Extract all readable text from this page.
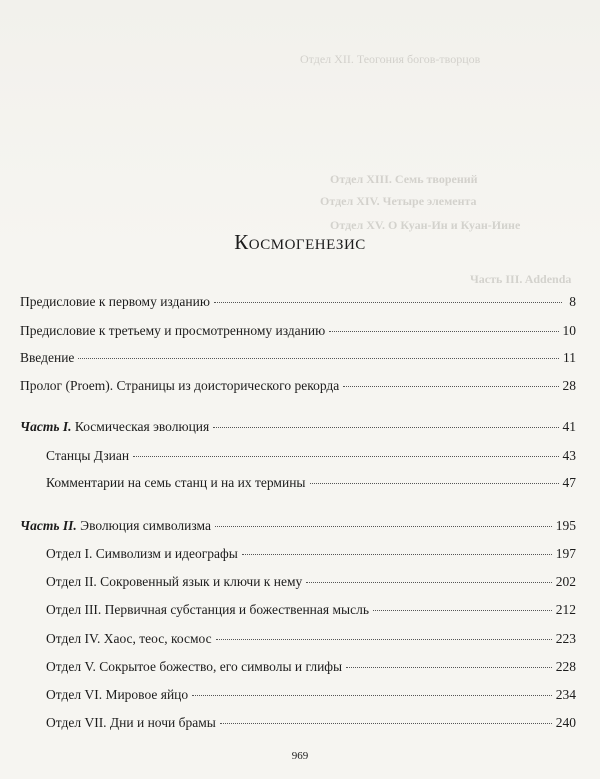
Отдел XII. Теогония богов-творцов
Отдел XIII. Семь творений
Отдел XIV. Четыре элемента
Отдел XV. О Куан-Ин и Куан-Иине
Часть III. Addenda
Космогенезис
Предисловие к первому изданию	8
Предисловие к третьему и просмотренному изданию	10
Введение	11
Пролог (Proem). Страницы из доисторического рекорда	28
Часть I. Космическая эволюция	41
Станцы Дзиан	43
Комментарии на семь станц и на их термины	47
Часть II. Эволюция символизма	195
Отдел I. Символизм и идеографы	197
Отдел II. Сокровенный язык и ключи к нему	202
Отдел III. Первичная субстанция и божественная мысль	212
Отдел IV. Хаос, теос, космос	223
Отдел V. Сокрытое божество, его символы и глифы	228
Отдел VI. Мировое яйцо	234
Отдел VII. Дни и ночи брамы	240
969
